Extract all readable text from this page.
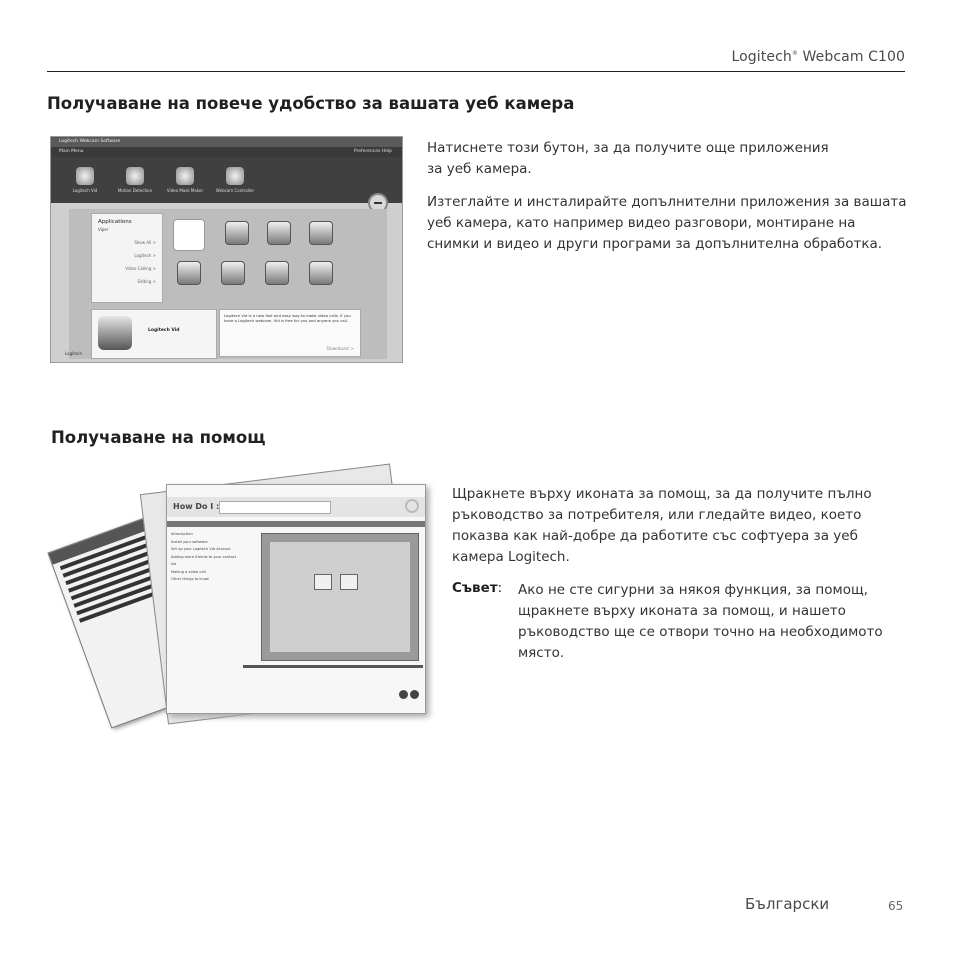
Logitech® Webcam C100
Получаване на повече удобство за вашата уеб камера
Logitech Webcam Software
Main Menu	Preferences Help
Logitech Vid	Motion Detection	Video Mask Maker	Webcam Controller
Applications
Viper
Show All >
Logitech >
Video Calling >
Editing >
Logitech Vid
Logitech Vid is a new fast and easy way to make video calls. If you have a Logitech webcam, Vid is free for you and anyone you call.
Download >
Logitech

Натиснете този бутон, за да получите още приложения за уеб камера.

Изтеглайте и инсталирайте допълнителни приложения за вашата уеб камера, като например видео разговори, монтиране на снимки и видео и други програми за допълнителна обработка.

Получаване на помощ
How Do I :
Introduction
Install your software
Set up your Logitech Vid Account
Adding more friends to your contact list
Making a video call
Other things to know

Щракнете върху иконата за помощ, за да получите пълно ръководство за потребителя, или гледайте видео, което показва как най-добре да работите със софтуера за уеб камера Logitech.

Съвет: Ако не сте сигурни за някоя функция, за помощ, щракнете върху иконата за помощ, и нашето ръководство ще се отвори точно на необходимото място.
Български	65
